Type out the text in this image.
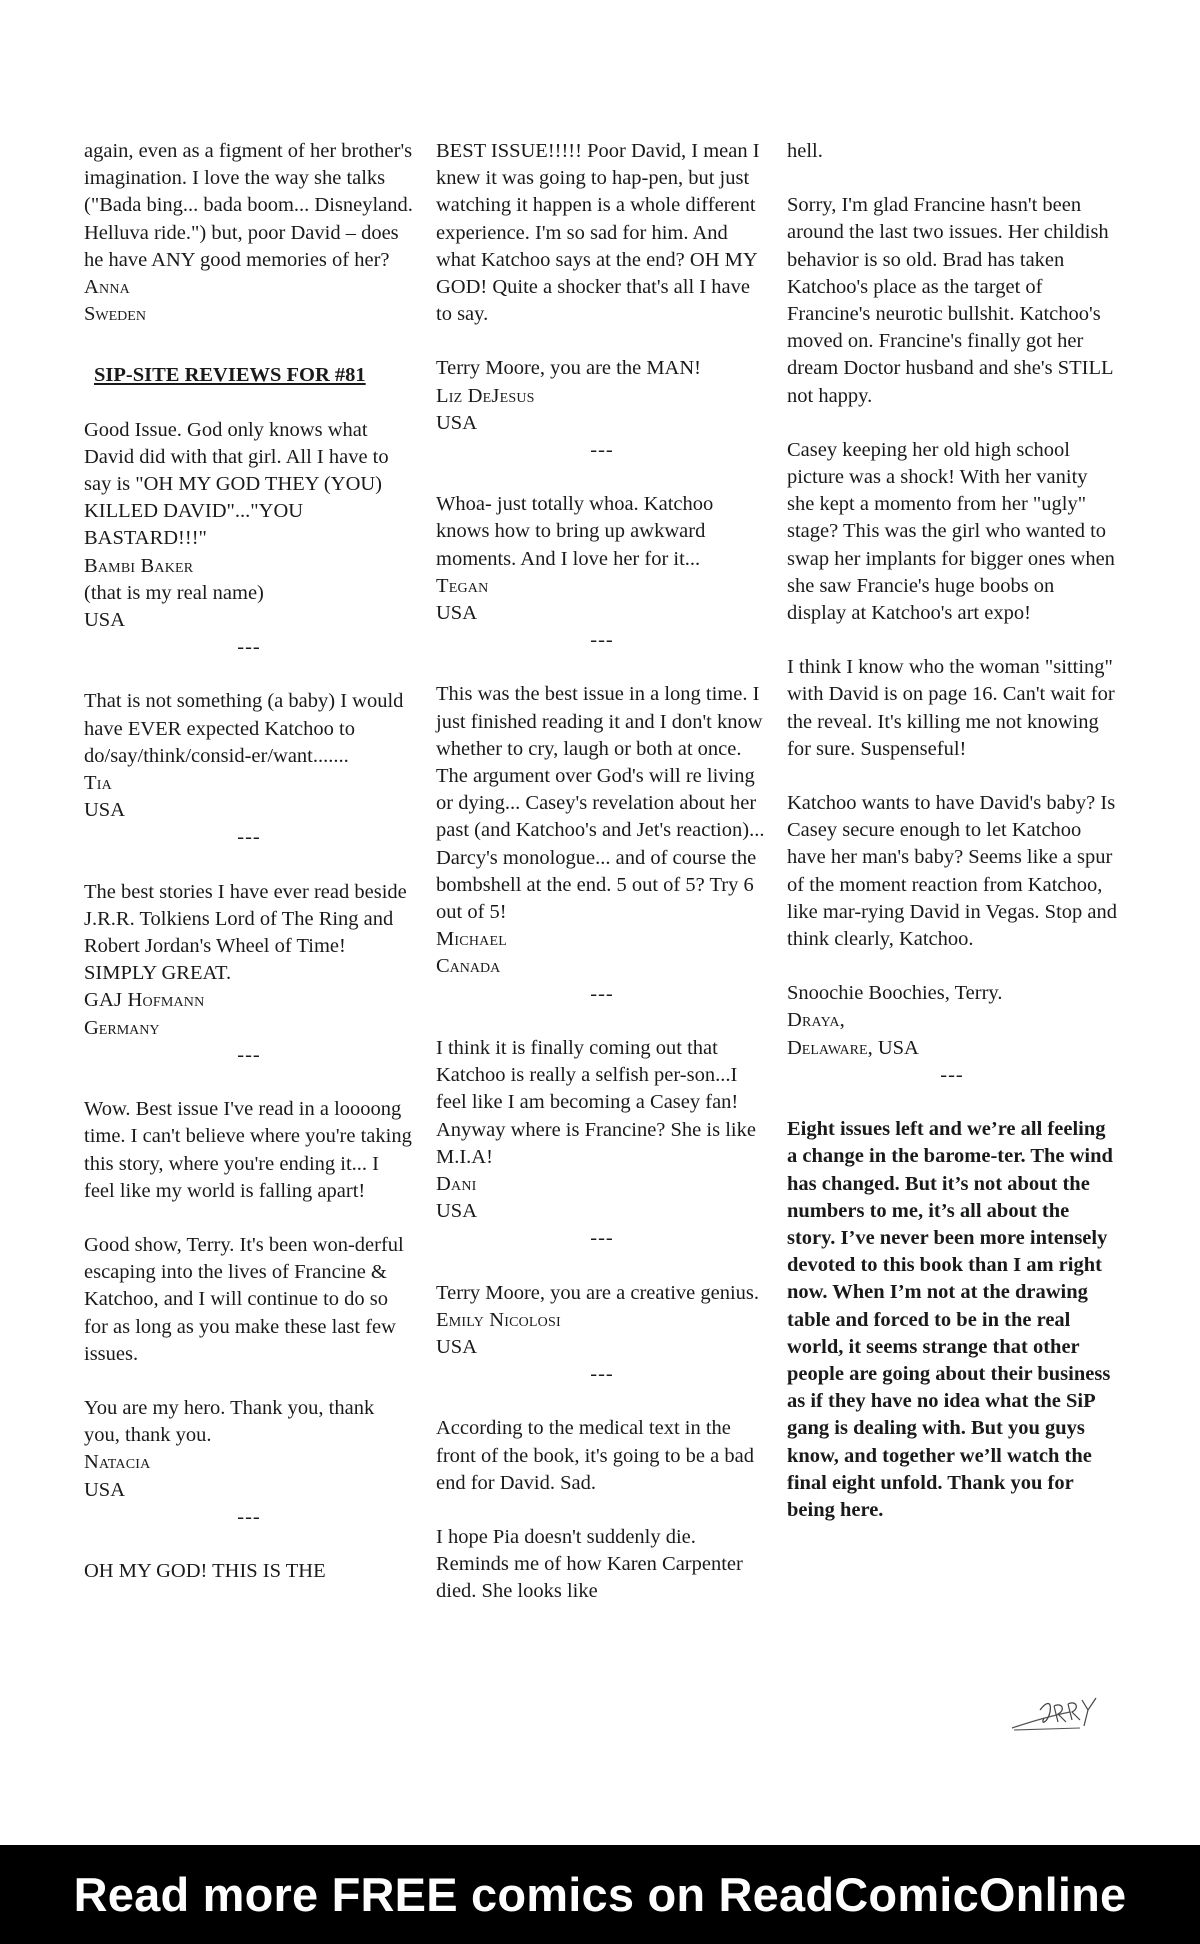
again, even as a figment of her brother's imagination. I love the way she talks ("Bada bing... bada boom... Disneyland. Helluva ride.") but, poor David – does he have ANY good memories of her?

Anna

Sweden

SIP-SITE REVIEWS FOR #81

Good Issue. God only knows what David did with that girl. All I have to say is "OH MY GOD THEY (YOU) KILLED DAVID"..."YOU BASTARD!!!"

Bambi Baker

(that is my real name)

USA

---

That is not something (a baby) I would have EVER expected Katchoo to do/say/think/consid-er/want.......

Tia

USA

---

The best stories I have ever read beside J.R.R. Tolkiens Lord of The Ring and Robert Jordan's Wheel of Time! SIMPLY GREAT.

GAJ Hofmann

Germany

---

Wow. Best issue I've read in a loooong time. I can't believe where you're taking this story, where you're ending it... I feel like my world is falling apart!

Good show, Terry. It's been won-derful escaping into the lives of Francine & Katchoo, and I will continue to do so for as long as you make these last few issues.

You are my hero. Thank you, thank you, thank you.

Natacia

USA

---

OH MY GOD! THIS IS THE

BEST ISSUE!!!!! Poor David, I mean I knew it was going to hap-pen, but just watching it happen is a whole different experience. I'm so sad for him. And what Katchoo says at the end? OH MY GOD! Quite a shocker that's all I have to say.

Terry Moore, you are the MAN!

Liz DeJesus

USA

---

Whoa- just totally whoa. Katchoo knows how to bring up awkward moments. And I love her for it...

Tegan

USA

---

This was the best issue in a long time. I just finished reading it and I don't know whether to cry, laugh or both at once. The argument over God's will re living or dying... Casey's revelation about her past (and Katchoo's and Jet's reaction)... Darcy's monologue... and of course the bombshell at the end. 5 out of 5? Try 6 out of 5!

Michael

Canada

---

I think it is finally coming out that Katchoo is really a selfish per-son...I feel like I am becoming a Casey fan! Anyway where is Francine? She is like M.I.A!

Dani

USA

---

Terry Moore, you are a creative genius.

Emily Nicolosi

USA

---

According to the medical text in the front of the book, it's going to be a bad end for David. Sad.

I hope Pia doesn't suddenly die. Reminds me of how Karen Carpenter died. She looks like

hell.

Sorry, I'm glad Francine hasn't been around the last two issues. Her childish behavior is so old. Brad has taken Katchoo's place as the target of Francine's neurotic bullshit. Katchoo's moved on. Francine's finally got her dream Doctor husband and she's STILL not happy.

Casey keeping her old high school picture was a shock! With her vanity she kept a momento from her "ugly" stage? This was the girl who wanted to swap her implants for bigger ones when she saw Francie's huge boobs on display at Katchoo's art expo!

I think I know who the woman "sitting" with David is on page 16. Can't wait for the reveal. It's killing me not knowing for sure. Suspenseful!

Katchoo wants to have David's baby? Is Casey secure enough to let Katchoo have her man's baby? Seems like a spur of the moment reaction from Katchoo, like mar-rying David in Vegas. Stop and think clearly, Katchoo.

Snoochie Boochies, Terry.

Draya,

Delaware, USA

---

Eight issues left and we’re all feeling a change in the barome-ter. The wind has changed. But it’s not about the numbers to me, it’s all about the story. I’ve never been more intensely devoted to this book than I am right now. When I’m not at the drawing table and forced to be in the real world, it seems strange that other people are going about their business as if they have no idea what the SiP gang is dealing with. But you guys know, and together we’ll watch the final eight unfold. Thank you for being here.

Read more FREE comics on ReadComicOnline
